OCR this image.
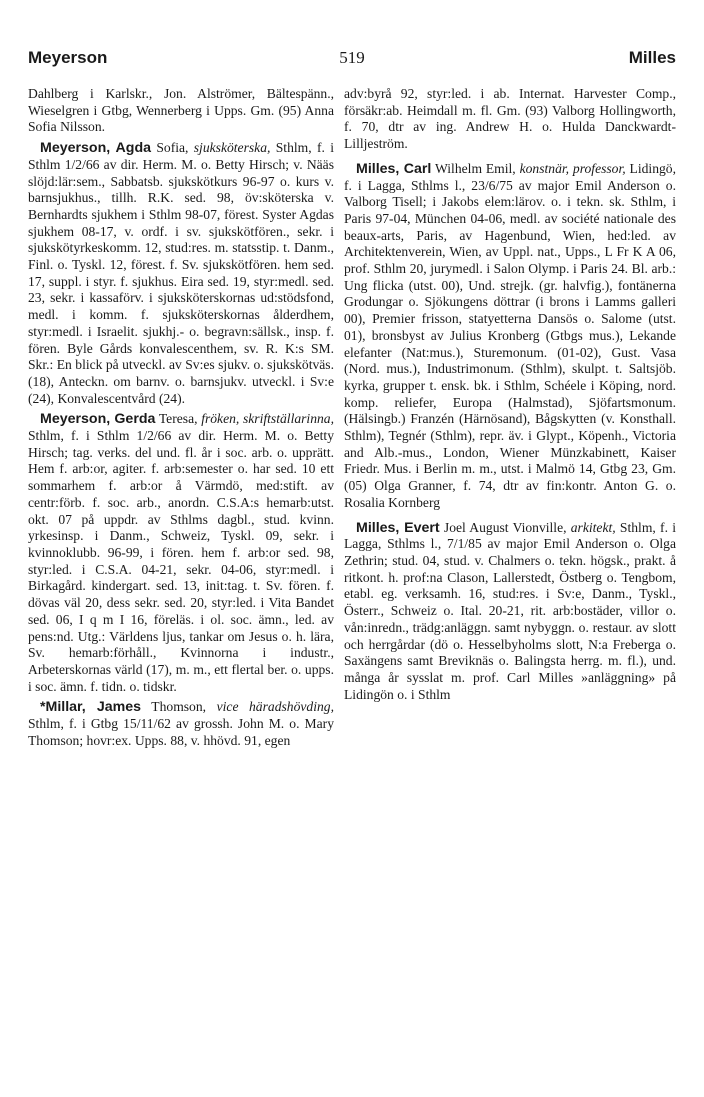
Meyerson	519	Milles

Dahlberg i Karlskr., Jon. Alströmer, Bältespänn., Wieselgren i Gtbg, Wennerberg i Upps. Gm. (95) Anna Sofia Nilsson.

Meyerson, Agda Sofia, sjuksköterska, Sthlm, f. i Sthlm 1/2/66 av dir. Herm. M. o. Betty Hirsch; v. Nääs slöjd:lär:sem., Sabbatsb. sjukskötkurs 96-97 o. kurs v. barnsjukhus., tillh. R.K. sed. 98, öv:sköterska v. Bernhardts sjukhem i Sthlm 98-07, förest. Syster Agdas sjukhem 08-17, v. ordf. i sv. sjukskötfören., sekr. i sjukskötyrkeskomm. 12, stud:res. m. statsstip. t. Danm., Finl. o. Tyskl. 12, förest. f. Sv. sjukskötfören. hem sed. 17, suppl. i styr. f. sjukhus. Eira sed. 19, styr:medl. sed. 23, sekr. i kassaförv. i sjuksköterskornas ud:stödsfond, medl. i komm. f. sjuksköterskornas ålderdhem, styr:medl. i Israelit. sjukhj.- o. begravn:sällsk., insp. f. fören. Byle Gårds konvalescenthem, sv. R. K:s SM. Skr.: En blick på utveckl. av Sv:es sjukv. o. sjukskötväs. (18), Anteckn. om barnv. o. barnsjukv. utveckl. i Sv:e (24), Konvalescentvård (24).

Meyerson, Gerda Teresa, fröken, skriftställarinna, Sthlm, f. i Sthlm 1/2/66 av dir. Herm. M. o. Betty Hirsch; tag. verks. del und. fl. år i soc. arb. o. upprätt. Hem f. arb:or, agiter. f. arb:semester o. har sed. 10 ett sommarhem f. arb:or å Värmdö, med:stift. av centr:förb. f. soc. arb., anordn. C.S.A:s hemarb:utst. okt. 07 på uppdr. av Sthlms dagbl., stud. kvinn. yrkesinsp. i Danm., Schweiz, Tyskl. 09, sekr. i kvinnoklubb. 96-99, i fören. hem f. arb:or sed. 98, styr:led. i C.S.A. 04-21, sekr. 04-06, styr:medl. i Birkagård. kindergart. sed. 13, init:tag. t. Sv. fören. f. dövas väl 20, dess sekr. sed. 20, styr:led. i Vita Bandet sed. 06, I q m I 16, föreläs. i ol. soc. ämn., led. av pens:nd. Utg.: Världens ljus, tankar om Jesus o. h. lära, Sv. hemarb:förhåll., Kvinnorna i industr., Arbeterskornas värld (17), m. m., ett flertal ber. o. upps. i soc. ämn. f. tidn. o. tidskr.

*Millar, James Thomson, vice häradshövding, Sthlm, f. i Gtbg 15/11/62 av grossh. John M. o. Mary Thomson; hovr:ex. Upps. 88, v. hhövd. 91, egen

adv:byrå 92, styr:led. i ab. Internat. Harvester Comp., försäkr:ab. Heimdall m. fl. Gm. (93) Valborg Hollingworth, f. 70, dtr av ing. Andrew H. o. Hulda Danckwardt-Lilljeström.

Milles, Carl Wilhelm Emil, konstnär, professor, Lidingö, f. i Lagga, Sthlms l., 23/6/75 av major Emil Anderson o. Valborg Tisell; i Jakobs elem:lärov. o. i tekn. sk. Sthlm, i Paris 97-04, München 04-06, medl. av société nationale des beaux-arts, Paris, av Hagenbund, Wien, hed:led. av Architektenverein, Wien, av Uppl. nat., Upps., L Fr K A 06, prof. Sthlm 20, jurymedl. i Salon Olymp. i Paris 24. Bl. arb.: Ung flicka (utst. 00), Und. strejk. (gr. halvfig.), fontänerna Grodungar o. Sjökungens döttrar (i brons i Lamms galleri 00), Premier frisson, statyetterna Dansös o. Salome (utst. 01), bronsbyst av Julius Kronberg (Gtbgs mus.), Lekande elefanter (Nat:mus.), Sturemonum. (01-02), Gust. Vasa (Nord. mus.), Industrimonum. (Sthlm), skulpt. t. Saltsjöb. kyrka, grupper t. ensk. bk. i Sthlm, Schéele i Köping, nord. komp. reliefer, Europa (Halmstad), Sjöfartsmonum. (Hälsingb.) Franzén (Härnösand), Bågskytten (v. Konsthall. Sthlm), Tegnér (Sthlm), repr. äv. i Glypt., Köpenh., Victoria and Alb.-mus., London, Wiener Münzkabinett, Kaiser Friedr. Mus. i Berlin m. m., utst. i Malmö 14, Gtbg 23, Gm. (05) Olga Granner, f. 74, dtr av fin:kontr. Anton G. o. Rosalia Kornberg

Milles, Evert Joel August Vionville, arkitekt, Sthlm, f. i Lagga, Sthlms l., 7/1/85 av major Emil Anderson o. Olga Zethrin; stud. 04, stud. v. Chalmers o. tekn. högsk., prakt. å ritkont. h. prof:na Clason, Lallerstedt, Östberg o. Tengbom, etabl. eg. verksamh. 16, stud:res. i Sv:e, Danm., Tyskl., Österr., Schweiz o. Ital. 20-21, rit. arb:bostäder, villor o. vån:inredn., trädg:anläggn. samt nybyggn. o. restaur. av slott och herrgårdar (dö o. Hesselbyholms slott, N:a Freberga o. Saxängens samt Breviknäs o. Balingsta herrg. m. fl.), und. många år sysslat m. prof. Carl Milles »anläggning» på Lidingön o. i Sthlm
